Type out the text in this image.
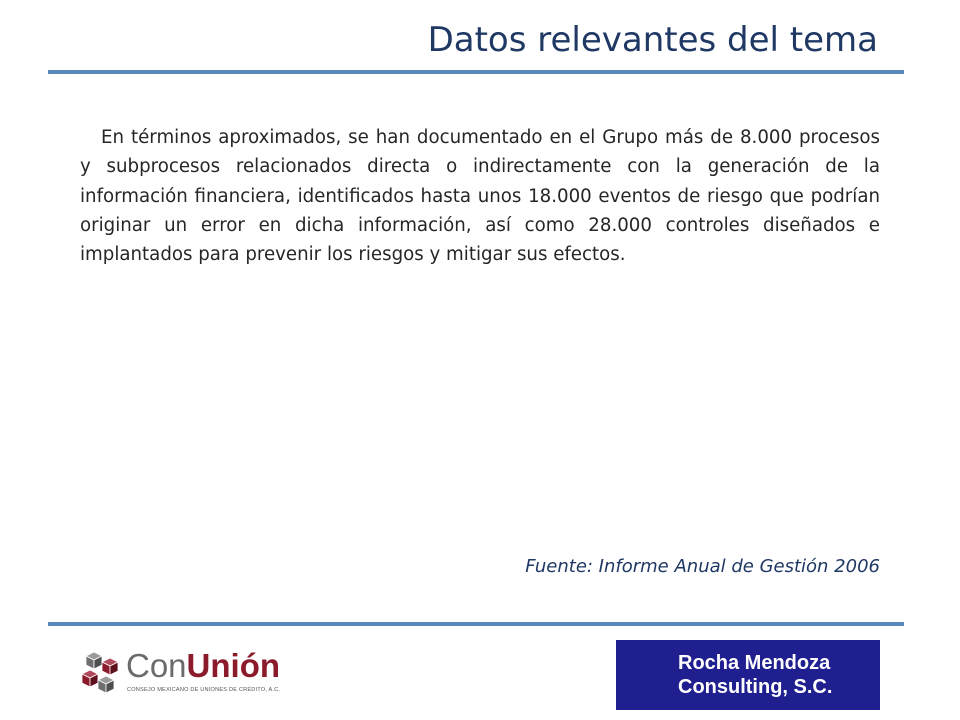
Datos relevantes del tema

En términos aproximados, se han documentado en el Grupo más de 8.000 procesos y subprocesos relacionados directa o indirectamente con la generación de la información financiera, identificados hasta unos 18.000 eventos de riesgo que podrían originar un error en dicha información, así como 28.000 controles diseñados e implantados para prevenir los riesgos y mitigar sus efectos.

Fuente: Informe Anual de Gestión 2006
ConUnión
CONSEJO MEXICANO DE UNIONES DE CRÉDITO, A.C.
Rocha Mendoza
Consulting, S.C.
